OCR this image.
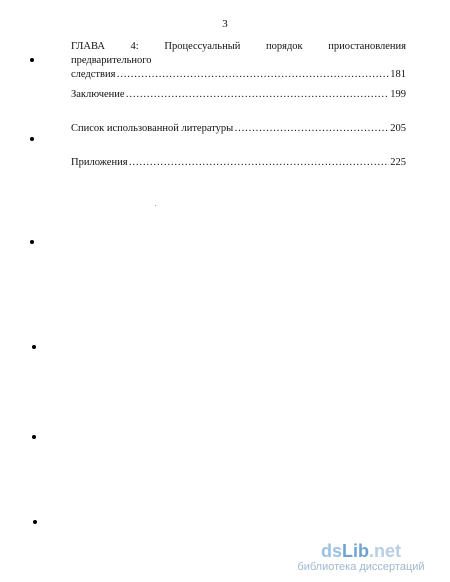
3
ГЛАВА 4: Процессуальный порядок приостановления предварительного
следствия …………………………………………………………………………………………………………………………………………	181
Заключение …………………………………………………………………………………………………………………………………………	199
Список использованной литературы …………………………………………………………………………………………………………………………………………	205
Приложения …………………………………………………………………………………………………………………………………………	225
dsLib.net
библиотека диссертаций
